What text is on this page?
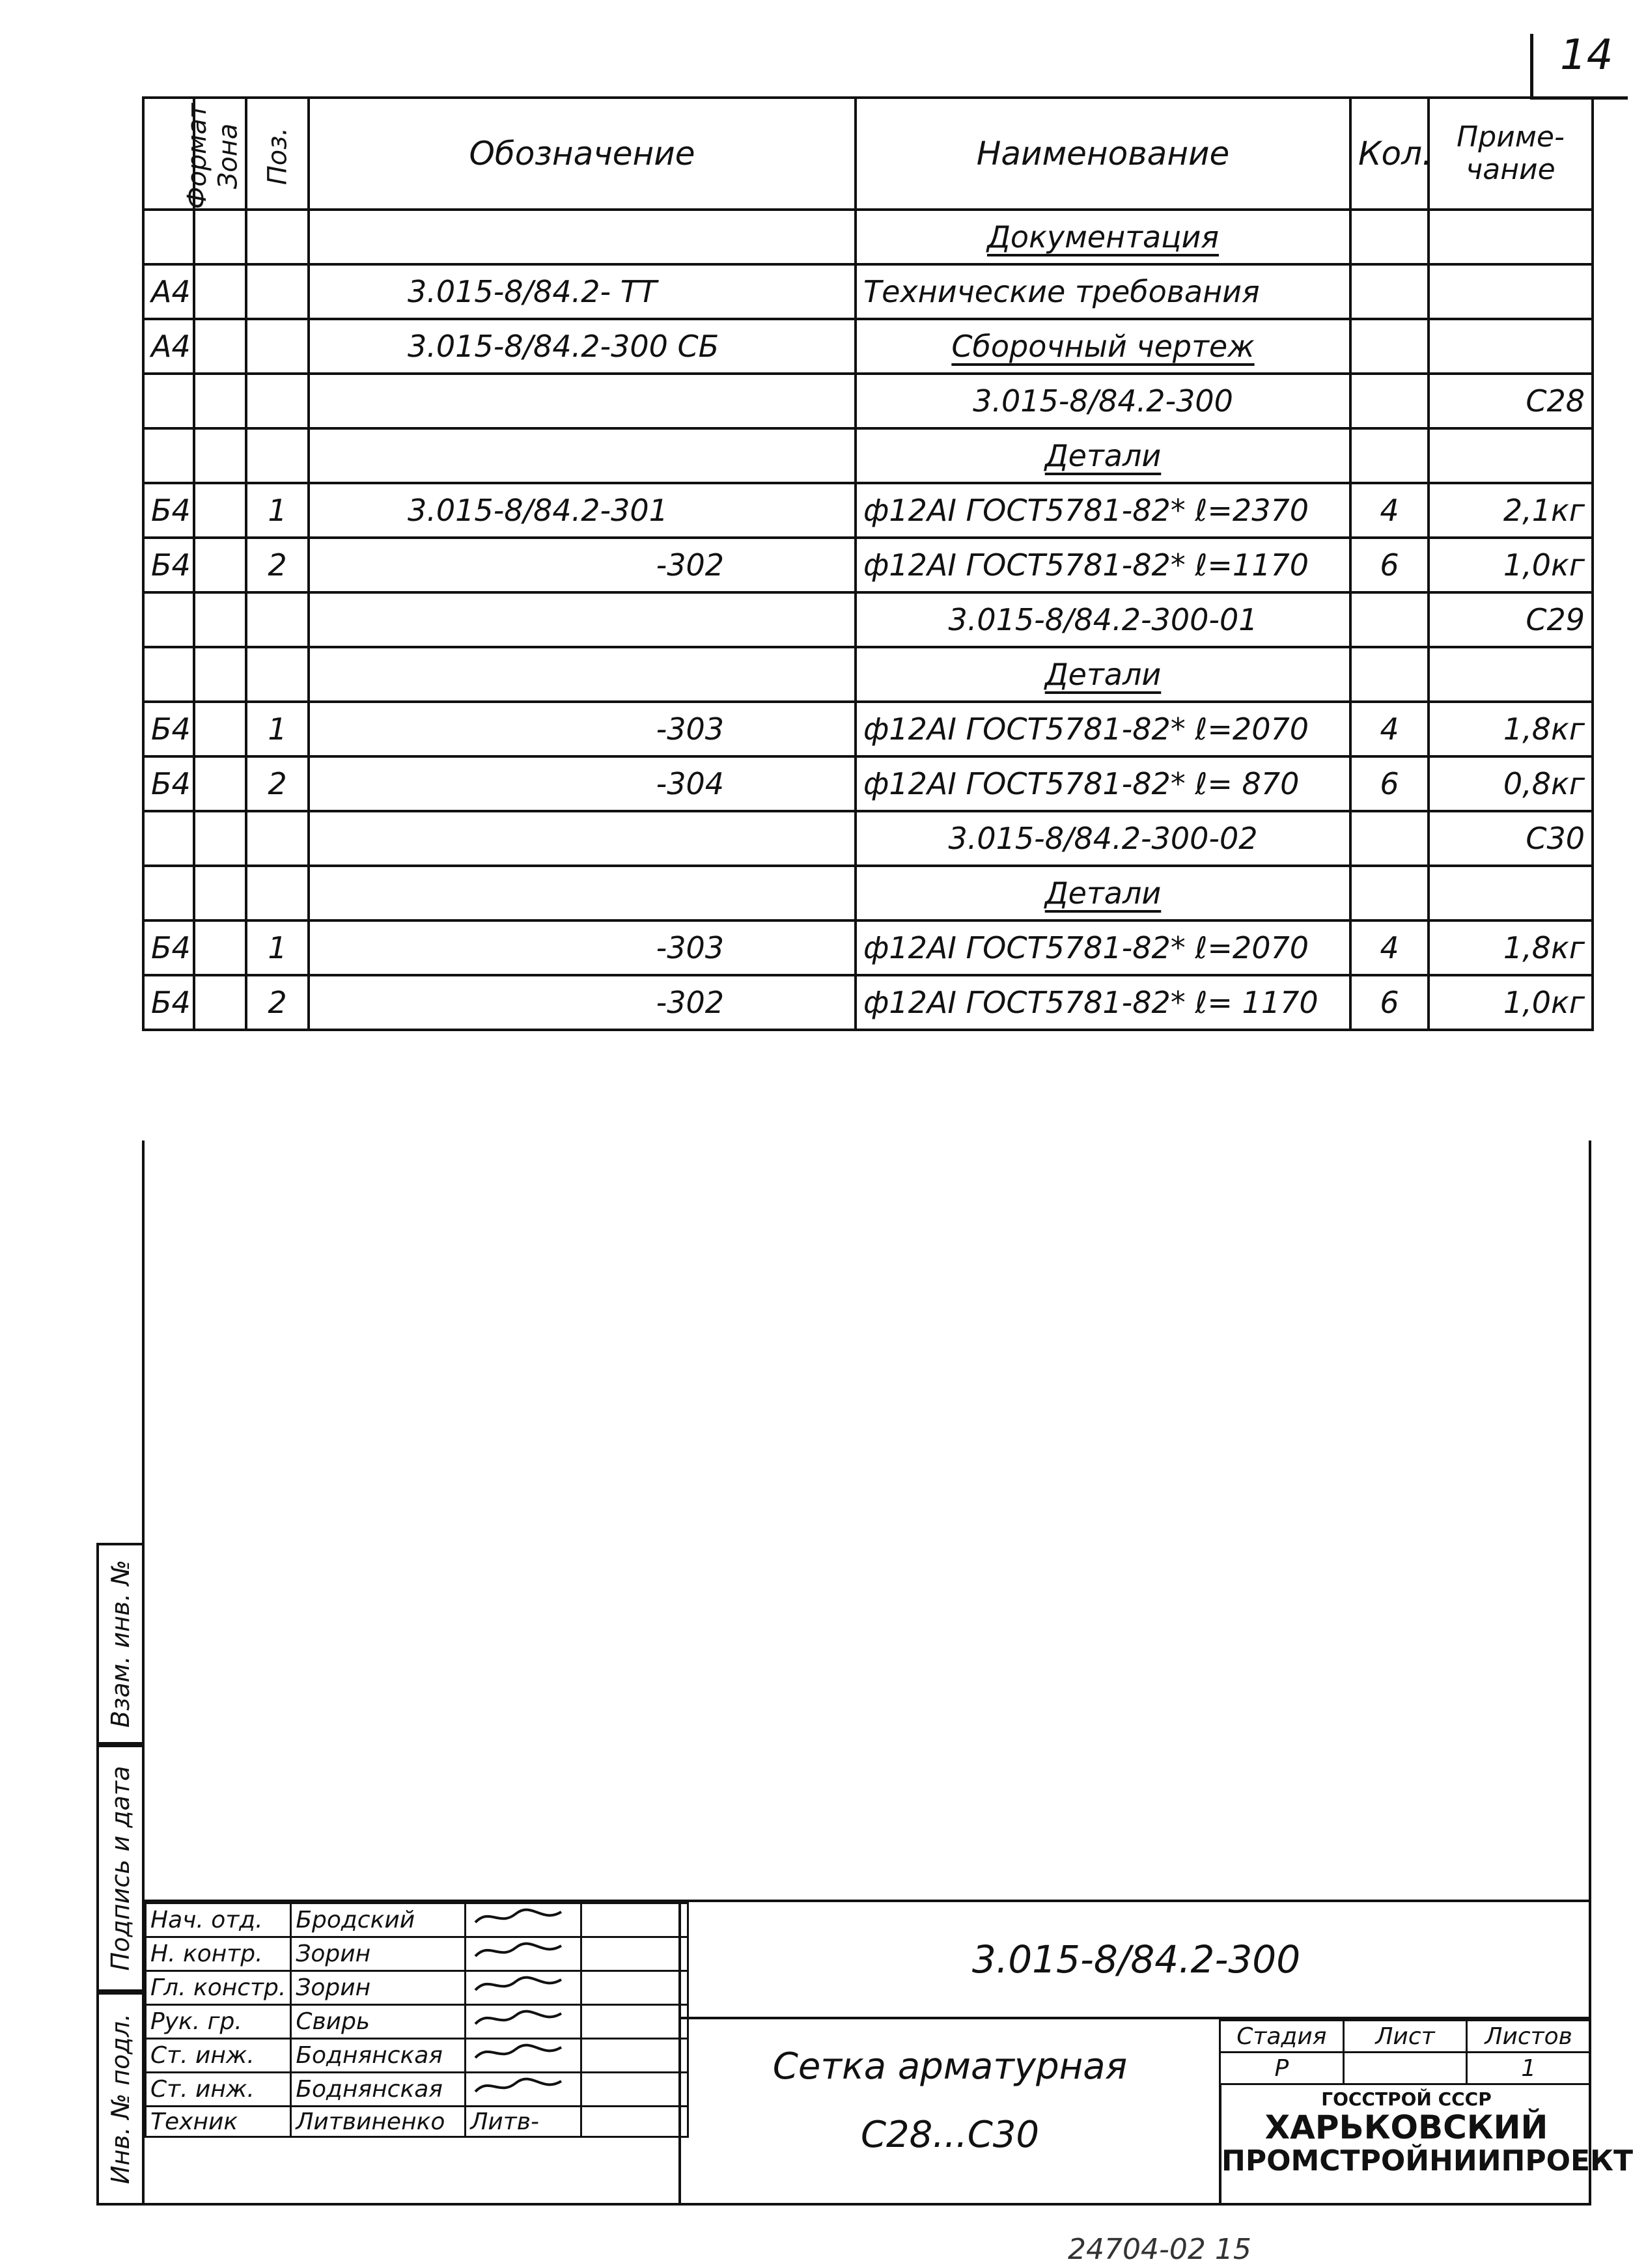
14
Формат	Зона	Поз.	Обозначение	Наименование	Кол.	Приме-чание
				Документация		
А4			3.015-8/84.2- ТТ	Технические требования		
А4			3.015-8/84.2-300 СБ	Сборочный чертеж		
				3.015-8/84.2-300		С28
				Детали		
Б4		1	3.015-8/84.2-301	ф12АI ГОСТ5781-82* ℓ=2370	4	2,1кг
Б4		2	-302	ф12АI ГОСТ5781-82* ℓ=1170	6	1,0кг
				3.015-8/84.2-300-01		С29
				Детали		
Б4		1	-303	ф12АI ГОСТ5781-82* ℓ=2070	4	1,8кг
Б4		2	-304	ф12АI ГОСТ5781-82* ℓ= 870	6	0,8кг
				3.015-8/84.2-300-02		С30
				Детали		
Б4		1	-303	ф12АI ГОСТ5781-82* ℓ=2070	4	1,8кг
Б4		2	-302	ф12АI ГОСТ5781-82* ℓ= 1170	6	1,0кг
Взам. инв. №
Подпись и дата
Инв. № подл.
Нач. отд.	Бродский		
Н. контр.	Зорин		
Гл. констр.	Зорин		
Рук. гр.	Свирь		
Ст. инж.	Боднянская		
Ст. инж.	Боднянская		
Техник	Литвиненко	Литв-	
3.015-8/84.2-300
Сетка арматурная
С28...С30
Стадия	Лист	Листов
Р		1
ГОССТРОЙ СССР
ХАРЬКОВСКИЙ
ПРОМСТРОЙНИИПРОЕКТ
24704-02 15
